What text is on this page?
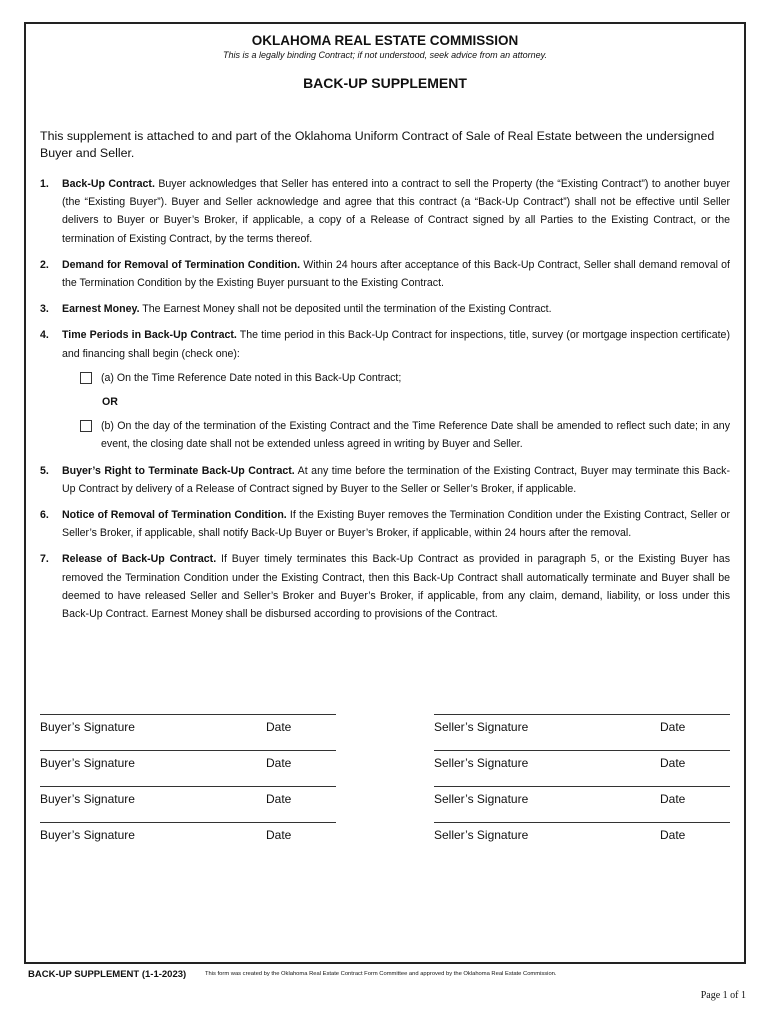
OKLAHOMA REAL ESTATE COMMISSION
This is a legally binding Contract; if not understood, seek advice from an attorney.
BACK-UP SUPPLEMENT
This supplement is attached to and part of the Oklahoma Uniform Contract of Sale of Real Estate between the undersigned Buyer and Seller.
1.	Back-Up Contract. Buyer acknowledges that Seller has entered into a contract to sell the Property (the “Existing Contract”) to another buyer (the “Existing Buyer”). Buyer and Seller acknowledge and agree that this contract (a “Back-Up Contract”) shall not be effective until Seller delivers to Buyer or Buyer’s Broker, if applicable, a copy of a Release of Contract signed by all Parties to the Existing Contract, or the termination of Existing Contract, by the terms thereof.
2.	Demand for Removal of Termination Condition. Within 24 hours after acceptance of this Back-Up Contract, Seller shall demand removal of the Termination Condition by the Existing Buyer pursuant to the Existing Contract.
3.	Earnest Money. The Earnest Money shall not be deposited until the termination of the Existing Contract.
4.	Time Periods in Back-Up Contract. The time period in this Back-Up Contract for inspections, title, survey (or mortgage inspection certificate) and financing shall begin (check one):
(a) On the Time Reference Date noted in this Back-Up Contract;
OR
(b) On the day of the termination of the Existing Contract and the Time Reference Date shall be amended to reflect such date; in any event, the closing date shall not be extended unless agreed in writing by Buyer and Seller.
5.	Buyer’s Right to Terminate Back-Up Contract. At any time before the termination of the Existing Contract, Buyer may terminate this Back-Up Contract by delivery of a Release of Contract signed by Buyer to the Seller or Seller’s Broker, if applicable.
6.	Notice of Removal of Termination Condition. If the Existing Buyer removes the Termination Condition under the Existing Contract, Seller or Seller’s Broker, if applicable, shall notify Back-Up Buyer or Buyer’s Broker, if applicable, within 24 hours after the removal.
7.	Release of Back-Up Contract. If Buyer timely terminates this Back-Up Contract as provided in paragraph 5, or the Existing Buyer has removed the Termination Condition under the Existing Contract, then this Back-Up Contract shall automatically terminate and Buyer shall be deemed to have released Seller and Seller’s Broker and Buyer’s Broker, if applicable, from any claim, demand, liability, or loss under this Back-Up Contract. Earnest Money shall be disbursed according to provisions of the Contract.
Buyer’s Signature	Date	Seller’s Signature	Date
Buyer’s Signature	Date	Seller’s Signature	Date
Buyer’s Signature	Date	Seller’s Signature	Date
Buyer’s Signature	Date	Seller’s Signature	Date
BACK-UP SUPPLEMENT (1-1-2023)	This form was created by the Oklahoma Real Estate Contract Form Committee and approved by the Oklahoma Real Estate Commission.
Page 1 of 1
